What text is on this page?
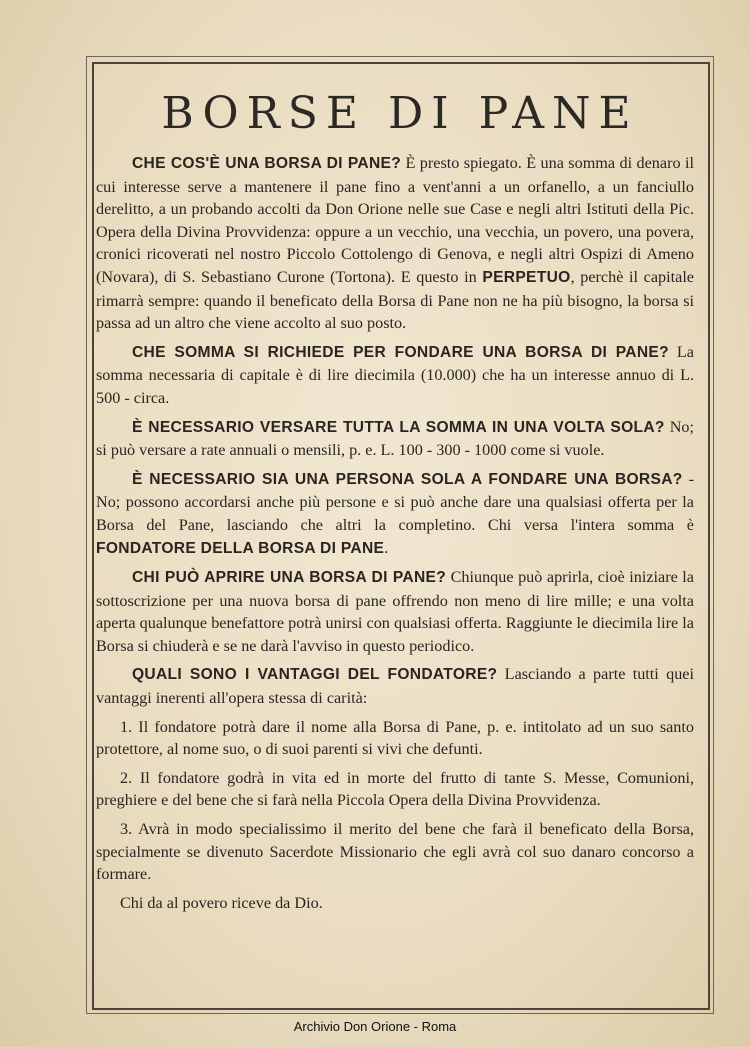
BORSE DI PANE

CHE COS'È UNA BORSA DI PANE? È presto spiegato. È una somma di denaro il cui interesse serve a mantenere il pane fino a vent'anni a un orfanello, a un fanciullo derelitto, a un probando accolti da Don Orione nelle sue Case e negli altri Istituti della Pic. Opera della Divina Provvidenza: oppure a un vecchio, una vecchia, un povero, una povera, cronici ricoverati nel nostro Piccolo Cottolengo di Genova, e negli altri Ospizi di Ameno (Novara), di S. Sebastiano Curone (Tortona). E questo in PERPETUO, perchè il capitale rimarrà sempre: quando il beneficato della Borsa di Pane non ne ha più bisogno, la borsa si passa ad un altro che viene accolto al suo posto.

CHE SOMMA SI RICHIEDE PER FONDARE UNA BORSA DI PANE? La somma necessaria di capitale è di lire diecimila (10.000) che ha un interesse annuo di L. 500 - circa.

È NECESSARIO VERSARE TUTTA LA SOMMA IN UNA VOLTA SOLA? No; si può versare a rate annuali o mensili, p. e. L. 100 - 300 - 1000 come si vuole.

È NECESSARIO SIA UNA PERSONA SOLA A FONDARE UNA BORSA? - No; possono accordarsi anche più persone e si può anche dare una qualsiasi offerta per la Borsa del Pane, lasciando che altri la completino. Chi versa l'intera somma è FONDATORE DELLA BORSA DI PANE.

CHI PUÒ APRIRE UNA BORSA DI PANE? Chiunque può aprirla, cioè iniziare la sottoscrizione per una nuova borsa di pane offrendo non meno di lire mille; e una volta aperta qualunque benefattore potrà unirsi con qualsiasi offerta. Raggiunte le diecimila lire la Borsa si chiuderà e se ne darà l'avviso in questo periodico.

QUALI SONO I VANTAGGI DEL FONDATORE? Lasciando a parte tutti quei vantaggi inerenti all'opera stessa di carità:

1. Il fondatore potrà dare il nome alla Borsa di Pane, p. e. intitolato ad un suo santo protettore, al nome suo, o di suoi parenti si vivi che defunti.

2. Il fondatore godrà in vita ed in morte del frutto di tante S. Messe, Comunioni, preghiere e del bene che si farà nella Piccola Opera della Divina Provvidenza.

3. Avrà in modo specialissimo il merito del bene che farà il beneficato della Borsa, specialmente se divenuto Sacerdote Missionario che egli avrà col suo danaro concorso a formare.

Chi da al povero riceve da Dio.

Archivio Don Orione - Roma
